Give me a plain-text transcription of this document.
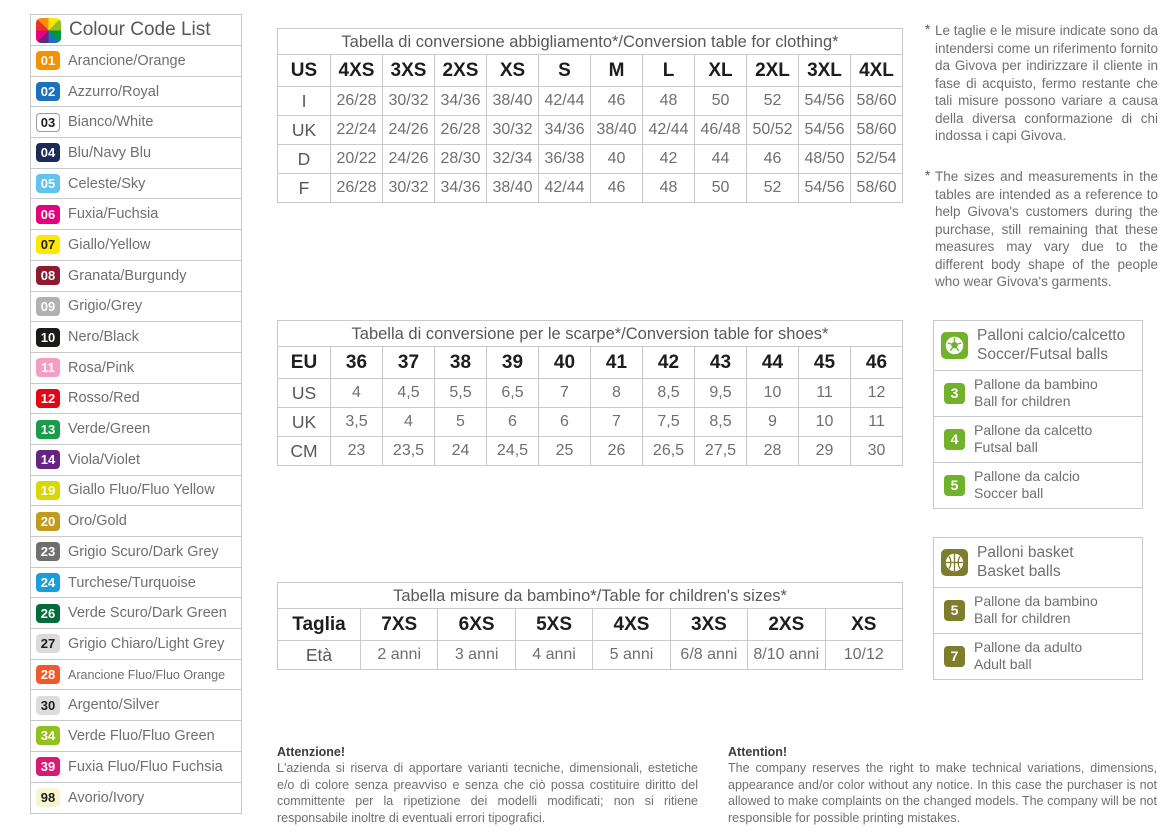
Colour Code List
01 Arancione/Orange
02 Azzurro/Royal
03 Bianco/White
04 Blu/Navy Blu
05 Celeste/Sky
06 Fuxia/Fuchsia
07 Giallo/Yellow
08 Granata/Burgundy
09 Grigio/Grey
10 Nero/Black
11 Rosa/Pink
12 Rosso/Red
13 Verde/Green
14 Viola/Violet
19 Giallo Fluo/Fluo Yellow
20 Oro/Gold
23 Grigio Scuro/Dark Grey
24 Turchese/Turquoise
26 Verde Scuro/Dark Green
27 Grigio Chiaro/Light Grey
28	Arancione Fluo/Fluo Orange
30 Argento/Silver
34 Verde Fluo/Fluo Green
39 Fuxia Fluo/Fluo Fuchsia
98 Avorio/Ivory
Tabella di conversione abbigliamento*/Conversion table for clothing*
US	4XS	3XS	2XS	XS	S	M	L	XL	2XL	3XL	4XL
I	26/28	30/32	34/36	38/40	42/44	46	48	50	52	54/56	58/60
UK	22/24	24/26	26/28	30/32	34/36	38/40	42/44	46/48	50/52	54/56	58/60
D	20/22	24/26	28/30	32/34	36/38	40	42	44	46	48/50	52/54
F	26/28	30/32	34/36	38/40	42/44	46	48	50	52	54/56	58/60
Tabella di conversione per le scarpe*/Conversion table for shoes*
EU	36	37	38	39	40	41	42	43	44	45	46
US	4	4,5	5,5	6,5	7	8	8,5	9,5	10	11	12
UK	3,5	4	5	6	6	7	7,5	8,5	9	10	11
CM	23	23,5	24	24,5	25	26	26,5	27,5	28	29	30
Tabella misure da bambino*/Table for children's sizes*
Taglia	7XS	6XS	5XS	4XS	3XS	2XS	XS
Età	2 anni	3 anni	4 anni	5 anni	6/8 anni	8/10 anni	10/12
* Le taglie e le misure indicate sono da intendersi come un riferimento fornito da Givova per indirizzare il cliente in fase di acquisto, fermo restante che tali misure possono variare a causa della diversa conformazione di chi indossa i capi Givova.

* The sizes and measurements in the tables are intended as a reference to help Givova's customers during the purchase, still remaining that these measures may vary due to the different body shape of the people who wear Givova's garments.

Palloni calcio/calcetto
Soccer/Futsal balls
3
Pallone da bambino
Ball for children
4
Pallone da calcetto
Futsal ball
5
Pallone da calcio
Soccer ball
Palloni basket
Basket balls
5
Pallone da bambino
Ball for children
7
Pallone da adulto
Adult ball
Attenzione!

L'azienda si riserva di apportare varianti tecniche, dimensionali, estetiche e/o di colore senza preavviso e senza che ciò possa costituire diritto del committente per la ripetizione dei modelli modificati; non si ritiene responsabile inoltre di eventuali errori tipografici.

Attention!

The company reserves the right to make technical variations, dimensions, appearance and/or color without any notice. In this case the purchaser is not allowed to make complaints on the changed models. The company will be not responsible for possible printing mistakes.
